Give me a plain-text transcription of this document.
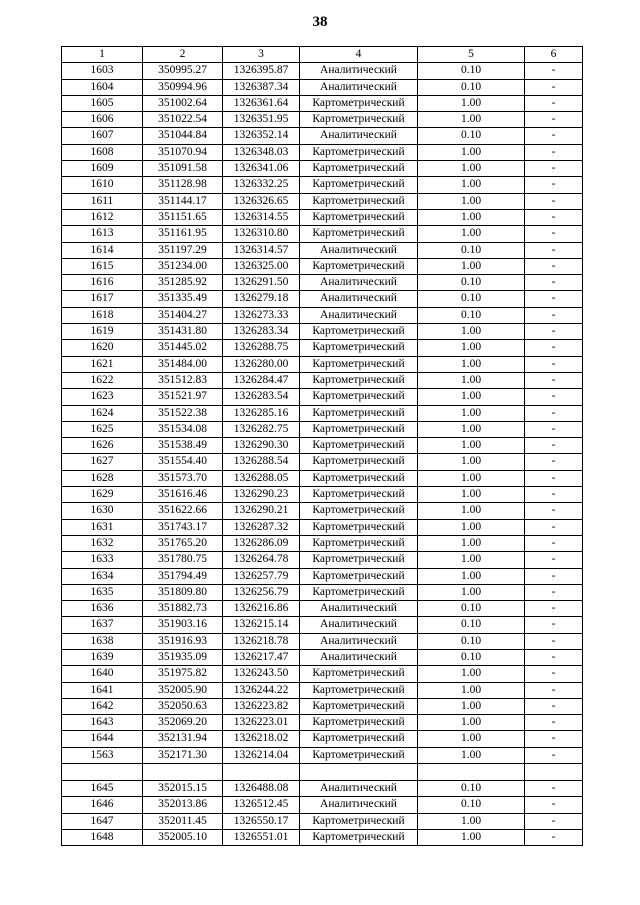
38
1	2	3	4	5	6
1603	350995.27	1326395.87	Аналитический	0.10	-
1604	350994.96	1326387.34	Аналитический	0.10	-
1605	351002.64	1326361.64	Картометрический	1.00	-
1606	351022.54	1326351.95	Картометрический	1.00	-
1607	351044.84	1326352.14	Аналитический	0.10	-
1608	351070.94	1326348.03	Картометрический	1.00	-
1609	351091.58	1326341.06	Картометрический	1.00	-
1610	351128.98	1326332.25	Картометрический	1.00	-
1611	351144.17	1326326.65	Картометрический	1.00	-
1612	351151.65	1326314.55	Картометрический	1.00	-
1613	351161.95	1326310.80	Картометрический	1.00	-
1614	351197.29	1326314.57	Аналитический	0.10	-
1615	351234.00	1326325.00	Картометрический	1.00	-
1616	351285.92	1326291.50	Аналитический	0.10	-
1617	351335.49	1326279.18	Аналитический	0.10	-
1618	351404.27	1326273.33	Аналитический	0.10	-
1619	351431.80	1326283.34	Картометрический	1.00	-
1620	351445.02	1326288.75	Картометрический	1.00	-
1621	351484.00	1326280.00	Картометрический	1.00	-
1622	351512.83	1326284.47	Картометрический	1.00	-
1623	351521.97	1326283.54	Картометрический	1.00	-
1624	351522.38	1326285.16	Картометрический	1.00	-
1625	351534.08	1326282.75	Картометрический	1.00	-
1626	351538.49	1326290.30	Картометрический	1.00	-
1627	351554.40	1326288.54	Картометрический	1.00	-
1628	351573.70	1326288.05	Картометрический	1.00	-
1629	351616.46	1326290.23	Картометрический	1.00	-
1630	351622.66	1326290.21	Картометрический	1.00	-
1631	351743.17	1326287.32	Картометрический	1.00	-
1632	351765.20	1326286.09	Картометрический	1.00	-
1633	351780.75	1326264.78	Картометрический	1.00	-
1634	351794.49	1326257.79	Картометрический	1.00	-
1635	351809.80	1326256.79	Картометрический	1.00	-
1636	351882.73	1326216.86	Аналитический	0.10	-
1637	351903.16	1326215.14	Аналитический	0.10	-
1638	351916.93	1326218.78	Аналитический	0.10	-
1639	351935.09	1326217.47	Аналитический	0.10	-
1640	351975.82	1326243.50	Картометрический	1.00	-
1641	352005.90	1326244.22	Картометрический	1.00	-
1642	352050.63	1326223.82	Картометрический	1.00	-
1643	352069.20	1326223.01	Картометрический	1.00	-
1644	352131.94	1326218.02	Картометрический	1.00	-
1563	352171.30	1326214.04	Картометрический	1.00	-

1645	352015.15	1326488.08	Аналитический	0.10	-
1646	352013.86	1326512.45	Аналитический	0.10	-
1647	352011.45	1326550.17	Картометрический	1.00	-
1648	352005.10	1326551.01	Картометрический	1.00	-
